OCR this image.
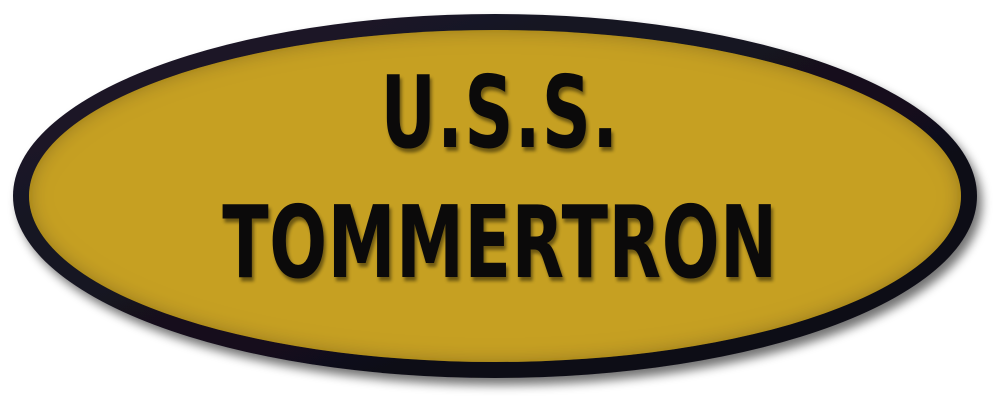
U.S.S.
TOMMERTRON
